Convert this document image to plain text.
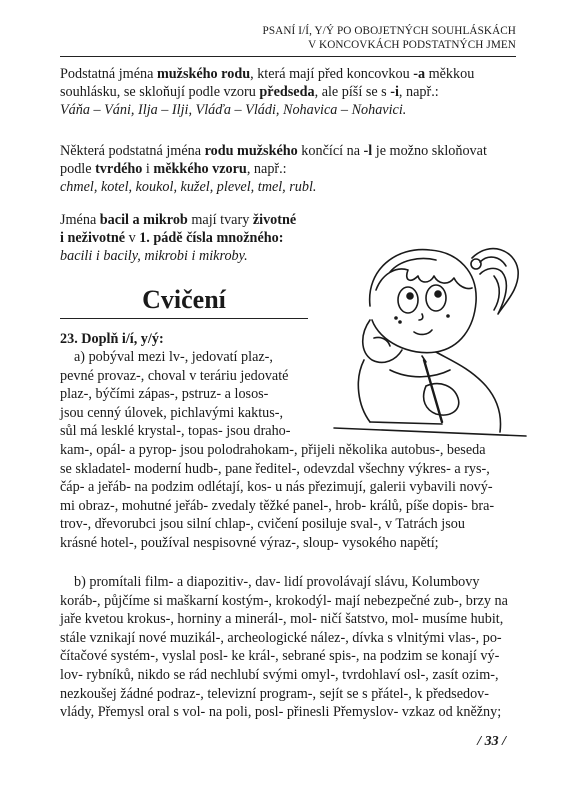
PSANÍ I/Í, Y/Ý PO OBOJETNÝCH SOUHLÁSKÁCH
V KONCOVKÁCH PODSTATNÝCH JMEN

Podstatná jména mužského rodu, která mají před koncovkou -a měkkou

souhlásku, se skloňují podle vzoru předseda, ale píší se s -i, např.:

Váňa – Váni, Ilja – Ilji, Vláďa – Vládi, Nohavica – Nohavici.

Některá podstatná jména rodu mužského končící na -l je možno skloňovat

podle tvrdého i měkkého vzoru, např.:

chmel, kotel, koukol, kužel, plevel, tmel, rubl.

Jména bacil a mikrob mají tvary životné

i neživotné v 1. pádě čísla množného:

bacili i bacily, mikrobi i mikroby.

Cvičení
23. Doplň i/í, y/ý:

a) pobýval mezi lv-, jedovatí plaz-,

pevné provaz-, choval v teráriu jedovaté

plaz-, býčími zápas-, pstruz- a losos-

jsou cenný úlovek, pichlavými kaktus-,

sůl má lesklé krystal-, topas- jsou draho-

kam-, opál- a pyrop- jsou polodrahokam-, přijeli několika autobus-, beseda

se skladatel- moderní hudb-, pane ředitel-, odevzdal všechny výkres- a rys-,

čáp- a jeřáb- na podzim odlétají, kos- u nás přezimují, galerii vybavili nový-

mi obraz-, mohutné jeřáb- zvedaly těžké panel-, hrob- králů, píše dopis- bra-

trov-, dřevorubci jsou silní chlap-, cvičení posiluje sval-, v Tatrách jsou

krásné hotel-, používal nespisovné výraz-, sloup- vysokého napětí;

b) promítali film- a diapozitiv-, dav- lidí provolávají slávu, Kolumbovy

koráb-, půjčíme si maškarní kostým-, krokodýl- mají nebezpečné zub-, brzy na

jaře kvetou krokus-, horniny a minerál-, mol- ničí šatstvo, mol- musíme hubit,

stále vznikají nové muzikál-, archeologické nález-, dívka s vlnitými vlas-, po-

čítačové systém-, vyslal posl- ke král-, sebrané spis-, na podzim se konají vý-

lov- rybníků, nikdo se rád nechlubí svými omyl-, tvrdohlaví osl-, zasít ozim-,

nezkoušej žádné podraz-, televizní program-, sejít se s přátel-, k předsedov-

vlády, Přemysl oral s vol- na poli, posl- přinesli Přemyslov- vzkaz od kněžny;

/ 33 /
